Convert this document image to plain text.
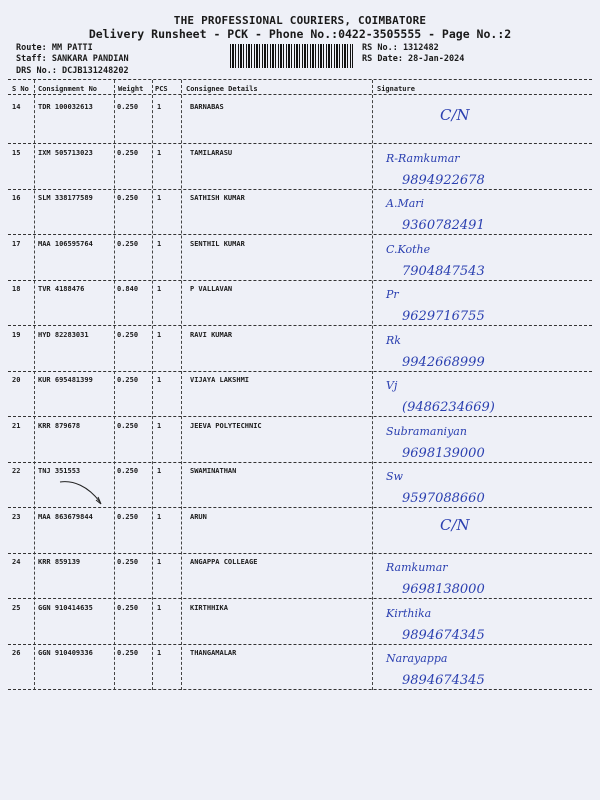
THE PROFESSIONAL COURIERS, COIMBATORE
Delivery Runsheet - PCK - Phone No.:0422-3505555 - Page No.:2
Route: MM PATTI
Staff: SANKARA PANDIAN
DRS No.: DCJB131248202
RS No.: 1312482
RS Date: 28-Jan-2024
S No Consignment No	Weight PCS	Consignee Details	Signature
14	TDR 100032613	0.250	1	BARNABAS	C/N
15	IXM 505713023	0.250	1	TAMILARASU	R-Ramkumar
9894922678
16	SLM 338177589	0.250	1	SATHISH KUMAR	A.Mari
9360782491
17	MAA 106595764	0.250	1	SENTHIL KUMAR	C.Kothe
7904847543
18	TVR 4188476	0.840	1	P VALLAVAN	Pr
9629716755
19	HYD 82283031	0.250	1	RAVI KUMAR	Rk
9942668999
20	KUR 695481399	0.250	1	VIJAYA LAKSHMI	Vj
(9486234669)
21	KRR 879678	0.250	1	JEEVA POLYTECHNIC	Subramaniyan
9698139000
22	TNJ 351553	0.250	1	SWAMINATHAN	Sw
9597088660
23	MAA 863679844	0.250	1	ARUN	C/N
24	KRR 859139	0.250	1	ANGAPPA COLLEAGE	Ramkumar
9698138000
25	GGN 910414635	0.250	1	KIRTHHIKA	Kirthika
9894674345
26	GGN 910409336	0.250	1	THANGAMALAR	Narayappa
9894674345
